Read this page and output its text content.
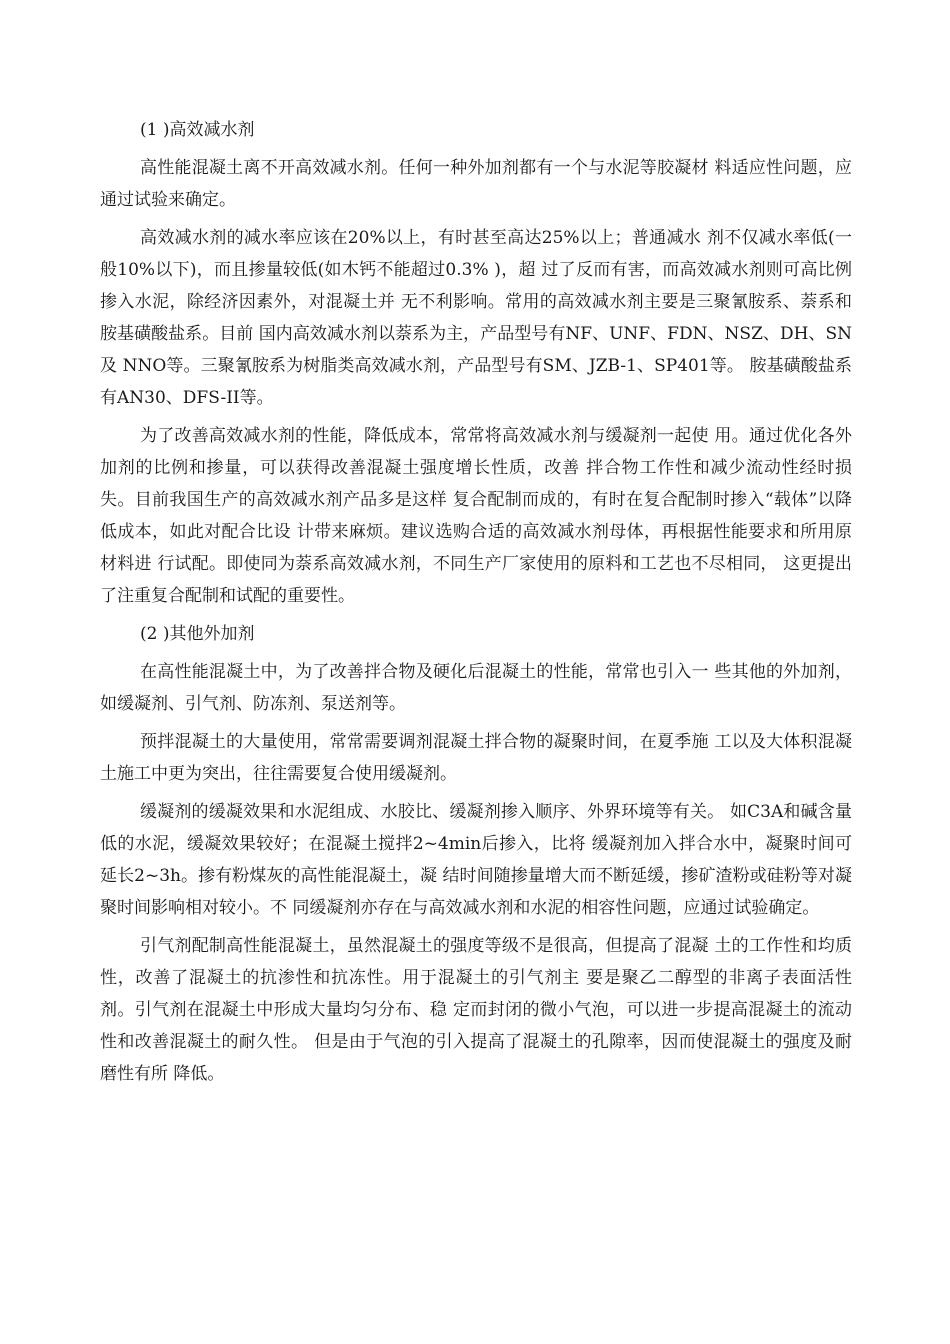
(1 )高效减水剂

高性能混凝土离不开高效减水剂。任何一种外加剂都有一个与水泥等胶凝材 料适应性问题，应通过试验来确定。

高效减水剂的减水率应该在20%以上，有时甚至高达25%以上；普通减水 剂不仅减水率低(一般10%以下)，而且掺量较低(如木钙不能超过0.3% )，超 过了反而有害，而高效减水剂则可高比例掺入水泥，除经济因素外，对混凝土并 无不利影响。常用的高效减水剂主要是三聚氰胺系、萘系和胺基磺酸盐系。目前 国内高效减水剂以萘系为主，产品型号有NF、UNF、FDN、NSZ、DH、SN及 NNO等。三聚氰胺系为树脂类高效减水剂，产品型号有SM、JZB-1、SP401等。 胺基磺酸盐系有AN30、DFS-II等。

为了改善高效减水剂的性能，降低成本，常常将高效减水剂与缓凝剂一起使 用。通过优化各外加剂的比例和掺量，可以获得改善混凝土强度增长性质，改善 拌合物工作性和减少流动性经时损失。目前我国生产的高效减水剂产品多是这样 复合配制而成的，有时在复合配制时掺入“载体”以降低成本，如此对配合比设 计带来麻烦。建议选购合适的高效减水剂母体，再根据性能要求和所用原材料进 行试配。即使同为萘系高效减水剂，不同生产厂家使用的原料和工艺也不尽相同， 这更提出了注重复合配制和试配的重要性。

(2 )其他外加剂

在高性能混凝土中，为了改善拌合物及硬化后混凝土的性能，常常也引入一 些其他的外加剂，如缓凝剂、引气剂、防冻剂、泵送剂等。

预拌混凝土的大量使用，常常需要调剂混凝土拌合物的凝聚时间，在夏季施 工以及大体积混凝土施工中更为突出，往往需要复合使用缓凝剂。

缓凝剂的缓凝效果和水泥组成、水胶比、缓凝剂掺入顺序、外界环境等有关。 如C3A和碱含量低的水泥，缓凝效果较好；在混凝土搅拌2~4min后掺入，比将 缓凝剂加入拌合水中，凝聚时间可延长2~3h。掺有粉煤灰的高性能混凝土，凝 结时间随掺量增大而不断延缓，掺矿渣粉或硅粉等对凝聚时间影响相对较小。不 同缓凝剂亦存在与高效减水剂和水泥的相容性问题，应通过试验确定。

引气剂配制高性能混凝土，虽然混凝土的强度等级不是很高，但提高了混凝 土的工作性和均质性，改善了混凝土的抗渗性和抗冻性。用于混凝土的引气剂主 要是聚乙二醇型的非离子表面活性剂。引气剂在混凝土中形成大量均匀分布、稳 定而封闭的微小气泡，可以进一步提高混凝土的流动性和改善混凝土的耐久性。 但是由于气泡的引入提高了混凝土的孔隙率，因而使混凝土的强度及耐磨性有所 降低。
